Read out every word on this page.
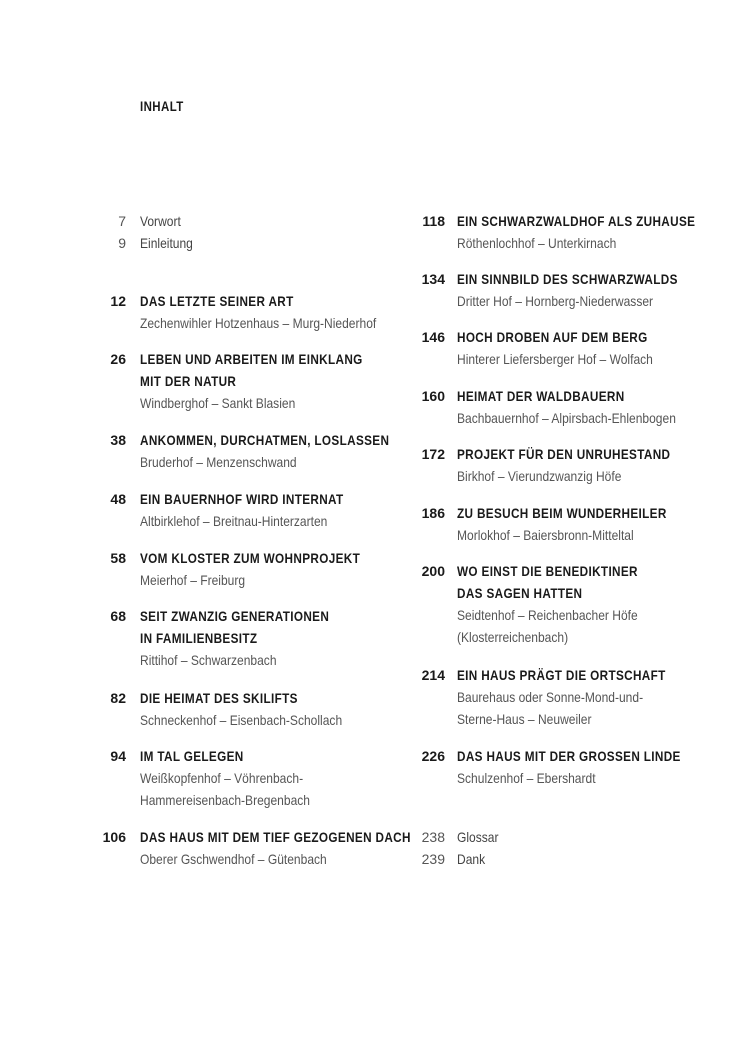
INHALT
7 Vorwort
9 Einleitung
12 DAS LETZTE SEINER ART
Zechenwihler Hotzenhaus – Murg-Niederhof
26 LEBEN UND ARBEITEN IM EINKLANG
MIT DER NATUR
Windberghof – Sankt Blasien
38 ANKOMMEN, DURCHATMEN, LOSLASSEN
Bruderhof – Menzenschwand
48 EIN BAUERNHOF WIRD INTERNAT
Altbirklehof – Breitnau-Hinterzarten
58 VOM KLOSTER ZUM WOHNPROJEKT
Meierhof – Freiburg
68 SEIT ZWANZIG GENERATIONEN
IN FAMILIENBESITZ
Rittihof – Schwarzenbach
82 DIE HEIMAT DES SKILIFTS
Schneckenhof – Eisenbach-Schollach
94 IM TAL GELEGEN
Weißkopfenhof – Vöhrenbach-
Hammereisenbach-Bregenbach
106 DAS HAUS MIT DEM TIEF GEZOGENEN DACH
Oberer Gschwendhof – Gütenbach
118 EIN SCHWARZWALDHOF ALS ZUHAUSE
Röthenlochhof – Unterkirnach
134 EIN SINNBILD DES SCHWARZWALDS
Dritter Hof – Hornberg-Niederwasser
146 HOCH DROBEN AUF DEM BERG
Hinterer Liefersberger Hof – Wolfach
160 HEIMAT DER WALDBAUERN
Bachbauernhof – Alpirsbach-Ehlenbogen
172 PROJEKT FÜR DEN UNRUHESTAND
Birkhof – Vierundzwanzig Höfe
186 ZU BESUCH BEIM WUNDERHEILER
Morlokhof – Baiersbronn-Mitteltal
200 WO EINST DIE BENEDIKTINER
DAS SAGEN HATTEN
Seidtenhof – Reichenbacher Höfe
(Klosterreichenbach)
214 EIN HAUS PRÄGT DIE ORTSCHAFT
Baurehaus oder Sonne-Mond-und-
Sterne-Haus – Neuweiler
226 DAS HAUS MIT DER GROSSEN LINDE
Schulzenhof – Ebershardt
238 Glossar
239 Dank
